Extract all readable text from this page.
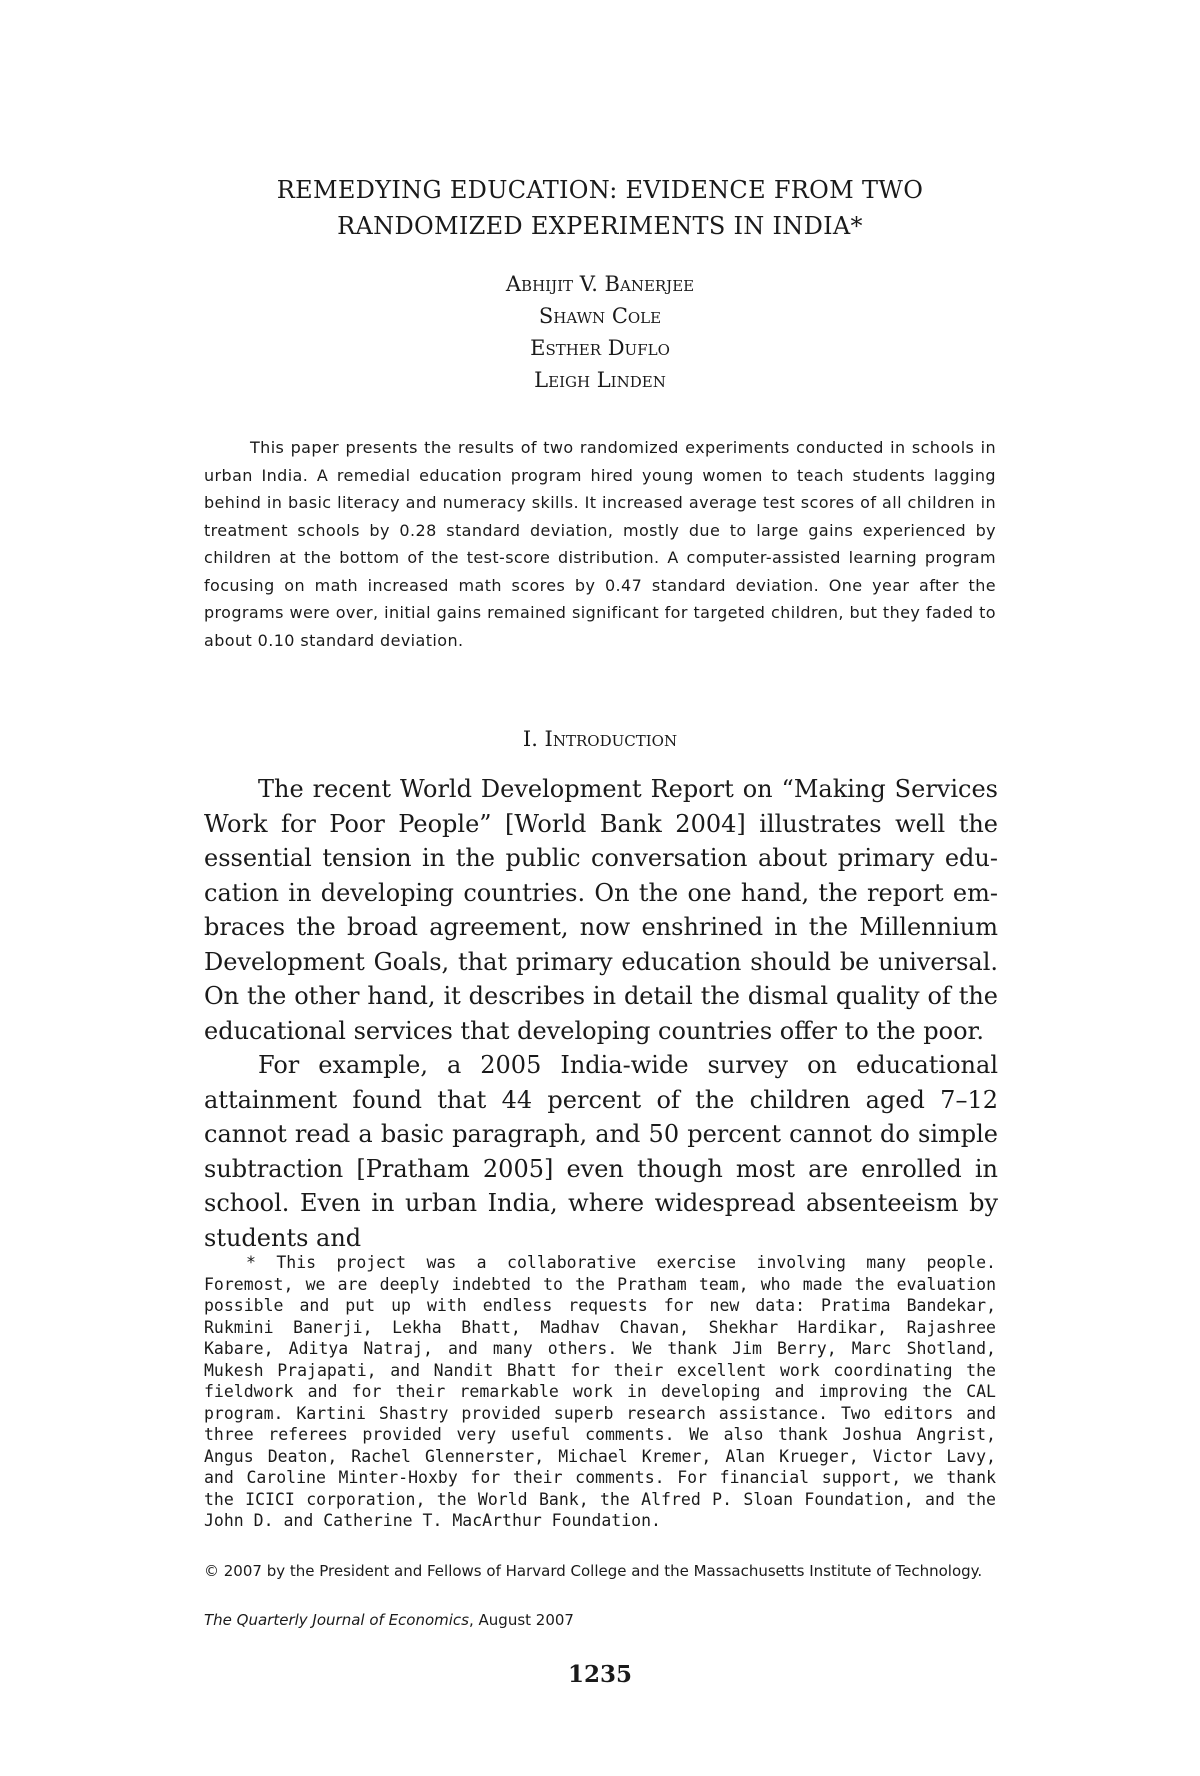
REMEDYING EDUCATION: EVIDENCE FROM TWO RANDOMIZED EXPERIMENTS IN INDIA*
Abhijit V. Banerjee
Shawn Cole
Esther Duflo
Leigh Linden

This paper presents the results of two randomized experiments conducted in schools in urban India. A remedial education program hired young women to teach students lagging behind in basic literacy and numeracy skills. It increased average test scores of all children in treatment schools by 0.28 standard deviation, mostly due to large gains experienced by children at the bottom of the test-score distribution. A computer-assisted learning program focusing on math increased math scores by 0.47 standard deviation. One year after the programs were over, initial gains remained significant for targeted children, but they faded to about 0.10 standard deviation.

I. Introduction

The recent World Development Report on “Making Services Work for Poor People” [World Bank 2004] illustrates well the essential tension in the public conversation about primary education in developing countries. On the one hand, the report embraces the broad agreement, now enshrined in the Millennium Development Goals, that primary education should be universal. On the other hand, it describes in detail the dismal quality of the educational services that developing countries offer to the poor.

For example, a 2005 India-wide survey on educational attainment found that 44 percent of the children aged 7–12 cannot read a basic paragraph, and 50 percent cannot do simple subtraction [Pratham 2005] even though most are enrolled in school. Even in urban India, where widespread absenteeism by students and

* This project was a collaborative exercise involving many people. Foremost, we are deeply indebted to the Pratham team, who made the evaluation possible and put up with endless requests for new data: Pratima Bandekar, Rukmini Banerji, Lekha Bhatt, Madhav Chavan, Shekhar Hardikar, Rajashree Kabare, Aditya Natraj, and many others. We thank Jim Berry, Marc Shotland, Mukesh Prajapati, and Nandit Bhatt for their excellent work coordinating the fieldwork and for their remarkable work in developing and improving the CAL program. Kartini Shastry provided superb research assistance. Two editors and three referees provided very useful comments. We also thank Joshua Angrist, Angus Deaton, Rachel Glennerster, Michael Kremer, Alan Krueger, Victor Lavy, and Caroline Minter-Hoxby for their comments. For financial support, we thank the ICICI corporation, the World Bank, the Alfred P. Sloan Foundation, and the John D. and Catherine T. MacArthur Foundation.

© 2007 by the President and Fellows of Harvard College and the Massachusetts Institute of Technology.

The Quarterly Journal of Economics, August 2007

1235
